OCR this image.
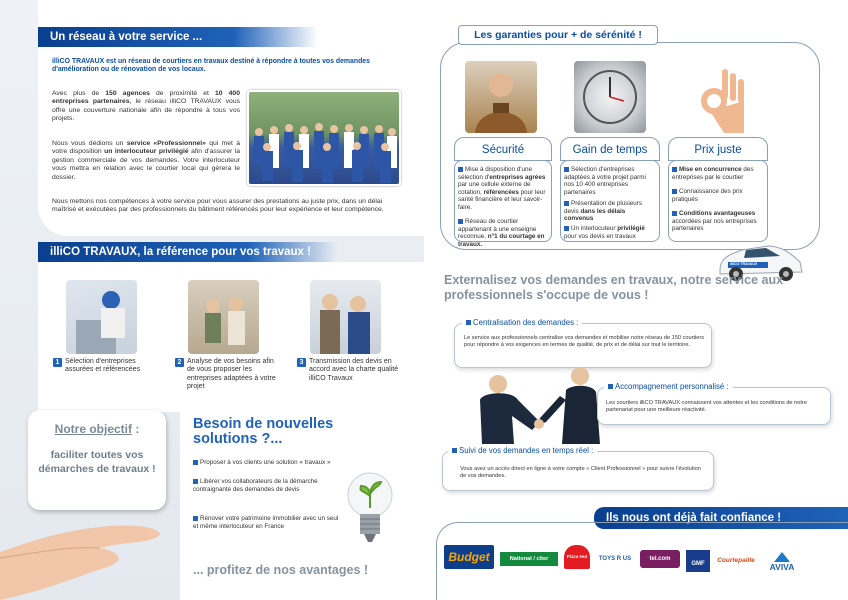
Un réseau à votre service ...
illiCO TRAVAUX est un réseau de courtiers en travaux destiné à répondre à toutes vos demandes d'amélioration ou de rénovation de vos locaux.
Avec plus de 150 agences de proximité et 10 400 entreprises partenaires, le réseau illiCO TRAVAUX vous offre une couverture nationale afin de répondre à tous vos projets.
Nous vous dédions un service «Professionnel» qui met à votre disposition un interlocuteur privilégié afin d'assurer la gestion commerciale de vos demandes. Votre interlocuteur vous mettra en relation avec le courtier local qui gérera le dossier.
Nous mettons nos compétences à votre service pour vous assurer des prestations au juste prix, dans un délai maîtrisé et exécutées par des professionnels du bâtiment référencés pour leur expérience et leur compétence.
illiCO TRAVAUX, la référence pour vos travaux !
1 Sélection d'entreprises assurées et référencées
2 Analyse de vos besoins afin de vous proposer les entreprises adaptées à votre projet
3 Transmission des devis en accord avec la charte qualité illiCO Travaux
Notre objectif :
faciliter toutes vos démarches de travaux !
Besoin de nouvelles solutions ?...
Proposer à vos clients une solution « travaux »
Libérer vos collaborateurs de la démarche contraignante des demandes de devis
Rénover votre patrimoine immobilier avec un seul et même interlocuteur en France
... profitez de nos avantages !
Les garanties pour + de sérénité !
Sécurité
Mise à disposition d'une sélection d'entreprises agrées par une cellule externe de cotation, référencées pour leur santé financière et leur savoir-faire.
Réseau de courtier appartenant à une enseigne reconnue, n°1 du courtage en travaux.
Gain de temps
Sélection d'entreprises adaptées à votre projet parmi nos 10 400 entreprises partenaires
Présentation de plusieurs devis dans les délais convenus
Un interlocuteur privilégié pour vos devis en travaux
Prix juste
Mise en concurrence des entreprises par le courtier
Connaissance des prix pratiqués
Conditions avantageuses accordées par nos entreprises partenaires
illiCO TRAVAUX
Externalisez vos demandes en travaux, notre service aux professionnels s'occupe de vous !
Centralisation des demandes :
Le service aux professionnels centralise vos demandes et mobilise notre réseau de 150 courtiers pour répondre à vos exigences en termes de qualité, de prix et de délai sur tout le territoire.
Accompagnement personnalisé :
Les courtiers illiCO TRAVAUX connaissent vos attentes et les conditions de notre partenariat pour une meilleure réactivité.
Suivi de vos demandes en temps réel :
Vous avez un accès direct en ligne à votre compte « Client Professionnel » pour suivre l'évolution de vos demandes.
Ils nous ont déjà fait confiance !
Budget	National / citer	Pizza Hut	TOYS R US	tel.com
GMF	Courtepaille
AVIVA
